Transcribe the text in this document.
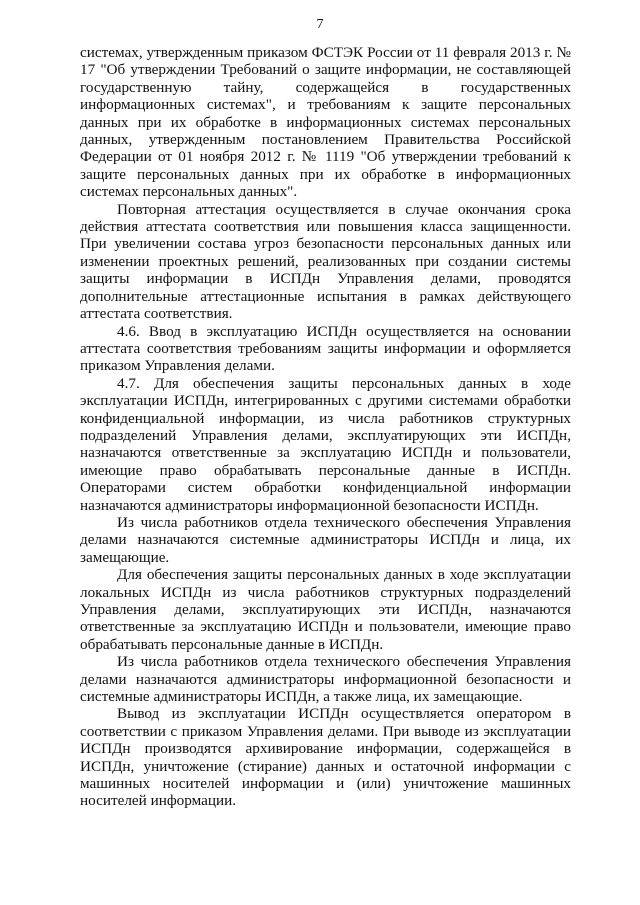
7

системах, утвержденным приказом ФСТЭК России от 11 февраля 2013 г. № 17 "Об утверждении Требований о защите информации, не составляющей государственную тайну, содержащейся в государственных информационных системах", и требованиям к защите персональных данных при их обработке в информационных системах персональных данных, утвержденным постановлением Правительства Российской Федерации от 01 ноября 2012 г. № 1119 "Об утверждении требований к защите персональных данных при их обработке в информационных системах персональных данных".

Повторная аттестация осуществляется в случае окончания срока действия аттестата соответствия или повышения класса защищенности. При увеличении состава угроз безопасности персональных данных или изменении проектных решений, реализованных при создании системы защиты информации в ИСПДн Управления делами, проводятся дополнительные аттестационные испытания в рамках действующего аттестата соответствия.

4.6. Ввод в эксплуатацию ИСПДн осуществляется на основании аттестата соответствия требованиям защиты информации и оформляется приказом Управления делами.

4.7. Для обеспечения защиты персональных данных в ходе эксплуатации ИСПДн, интегрированных с другими системами обработки конфиденциальной информации, из числа работников структурных подразделений Управления делами, эксплуатирующих эти ИСПДн, назначаются ответственные за эксплуатацию ИСПДн и пользователи, имеющие право обрабатывать персональные данные в ИСПДн. Операторами систем обработки конфиденциальной информации назначаются администраторы информационной безопасности ИСПДн.

Из числа работников отдела технического обеспечения Управления делами назначаются системные администраторы ИСПДн и лица, их замещающие.

Для обеспечения защиты персональных данных в ходе эксплуатации локальных ИСПДн из числа работников структурных подразделений Управления делами, эксплуатирующих эти ИСПДн, назначаются ответственные за эксплуатацию ИСПДн и пользователи, имеющие право обрабатывать персональные данные в ИСПДн.

Из числа работников отдела технического обеспечения Управления делами назначаются администраторы информационной безопасности и системные администраторы ИСПДн, а также лица, их замещающие.

Вывод из эксплуатации ИСПДн осуществляется оператором в соответствии с приказом Управления делами. При выводе из эксплуатации ИСПДн производятся архивирование информации, содержащейся в ИСПДн, уничтожение (стирание) данных и остаточной информации с машинных носителей информации и (или) уничтожение машинных носителей информации.
